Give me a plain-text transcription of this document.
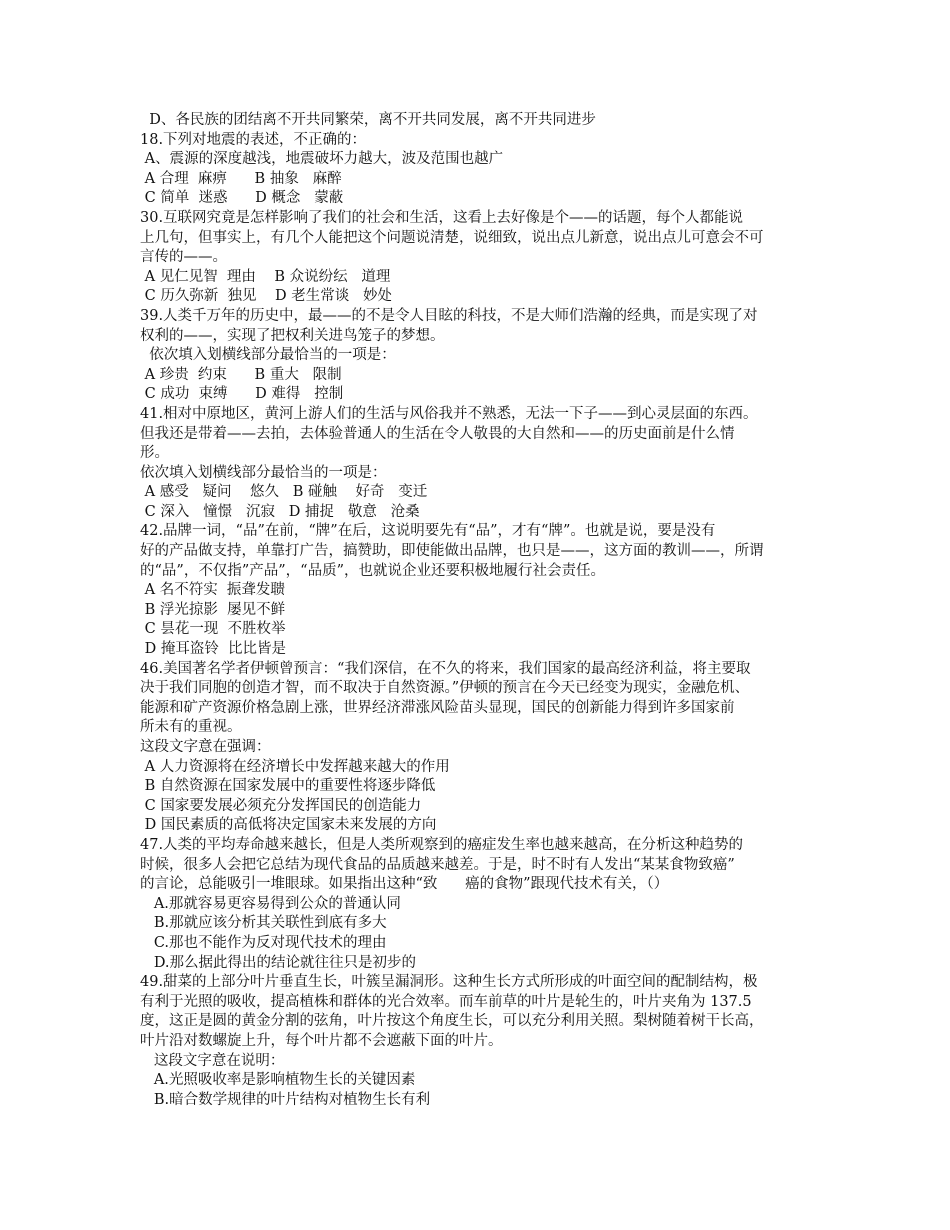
D、各民族的团结离不开共同繁荣，离不开共同发展，离不开共同进步
18.下列对地震的表述，不正确的：
A、震源的深度越浅，地震破坏力越大，波及范围也越广
A 合理  麻痹      B 抽象   麻醉
C 简单  迷惑      D 概念   蒙蔽
30.互联网究竟是怎样影响了我们的社会和生活，这看上去好像是个——的话题，每个人都能说
上几句，但事实上，有几个人能把这个问题说清楚，说细致，说出点儿新意，说出点儿可意会不可
言传的——。
A 见仁见智  理由    B 众说纷纭   道理
C 历久弥新  独见    D 老生常谈   妙处
39.人类千万年的历史中，最——的不是令人目眩的科技，不是大师们浩瀚的经典，而是实现了对
权利的——，实现了把权利关进鸟笼子的梦想。
依次填入划横线部分最恰当的一项是：
A 珍贵  约束      B 重大   限制
C 成功  束缚      D 难得   控制
41.相对中原地区，黄河上游人们的生活与风俗我并不熟悉，无法一下子——到心灵层面的东西。
但我还是带着——去拍，去体验普通人的生活在令人敬畏的大自然和——的历史面前是什么情
形。
依次填入划横线部分最恰当的一项是：
A 感受   疑问    悠久   B 碰触    好奇   变迁
C 深入   憧憬   沉寂   D 捕捉   敬意   沧桑
42.品牌一词，“品”在前，“牌”在后，这说明要先有“品”，才有“牌”。也就是说，要是没有
好的产品做支持，单靠打广告，搞赞助，即使能做出品牌，也只是——，这方面的教训——，所谓
的“品”，不仅指”产品”，“品质”，也就说企业还要积极地履行社会责任。
A 名不符实  振聋发聩
B 浮光掠影  屡见不鲜
C 昙花一现  不胜枚举
D 掩耳盗铃  比比皆是
46.美国著名学者伊顿曾预言：“我们深信，在不久的将来，我们国家的最高经济利益，将主要取
决于我们同胞的创造才智，而不取决于自然资源。”伊顿的预言在今天已经变为现实，金融危机、
能源和矿产资源价格急剧上涨，世界经济滞涨风险苗头显现，国民的创新能力得到许多国家前
所未有的重视。
这段文字意在强调：
A 人力资源将在经济增长中发挥越来越大的作用
B 自然资源在国家发展中的重要性将逐步降低
C 国家要发展必须充分发挥国民的创造能力
D 国民素质的高低将决定国家未来发展的方向
47.人类的平均寿命越来越长，但是人类所观察到的癌症发生率也越来越高，在分析这种趋势的
时候，很多人会把它总结为现代食品的品质越来越差。于是，时不时有人发出“某某食物致癌”
的言论，总能吸引一堆眼球。如果指出这种“致      癌的食物”跟现代技术有关，（）
A.那就容易更容易得到公众的普通认同
B.那就应该分析其关联性到底有多大
C.那也不能作为反对现代技术的理由
D.那么据此得出的结论就往往只是初步的
49.甜菜的上部分叶片垂直生长，叶簇呈漏洞形。这种生长方式所形成的叶面空间的配制结构，极
有利于光照的吸收，提高植株和群体的光合效率。而车前草的叶片是轮生的，叶片夹角为 137.5
度，这正是圆的黄金分割的弦角，叶片按这个角度生长，可以充分利用关照。梨树随着树干长高，
叶片沿对数螺旋上升，每个叶片都不会遮蔽下面的叶片。
这段文字意在说明：
A.光照吸收率是影响植物生长的关键因素
B.暗合数学规律的叶片结构对植物生长有利
